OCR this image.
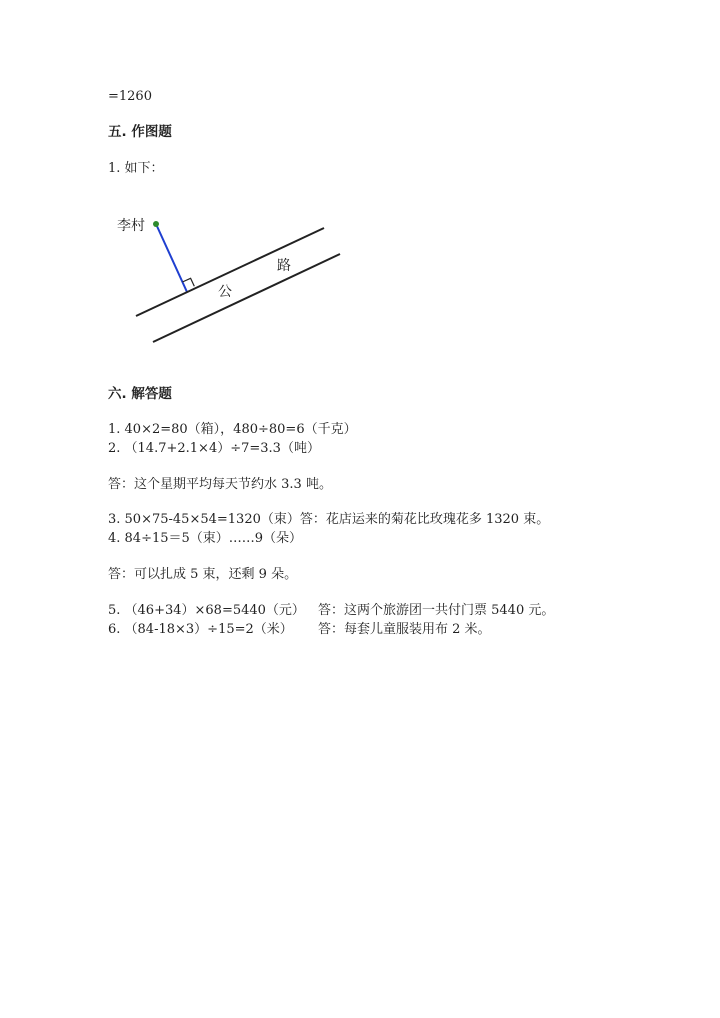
=1260
五. 作图题
1. 如下：
李村
路
公
六. 解答题
1. 40×2=80（箱），480÷80=6（千克）
2. （14.7+2.1×4）÷7=3.3（吨）
答：这个星期平均每天节约水 3.3 吨。
3. 50×75-45×54=1320（束）答：花店运来的菊花比玫瑰花多 1320 束。
4. 84÷15＝5（束）……9（朵）
答：可以扎成 5 束，还剩 9 朵。
5. （46+34）×68=5440（元） 答：这两个旅游团一共付门票 5440 元。
6. （84-18×3）÷15=2（米） 答：每套儿童服装用布 2 米。
